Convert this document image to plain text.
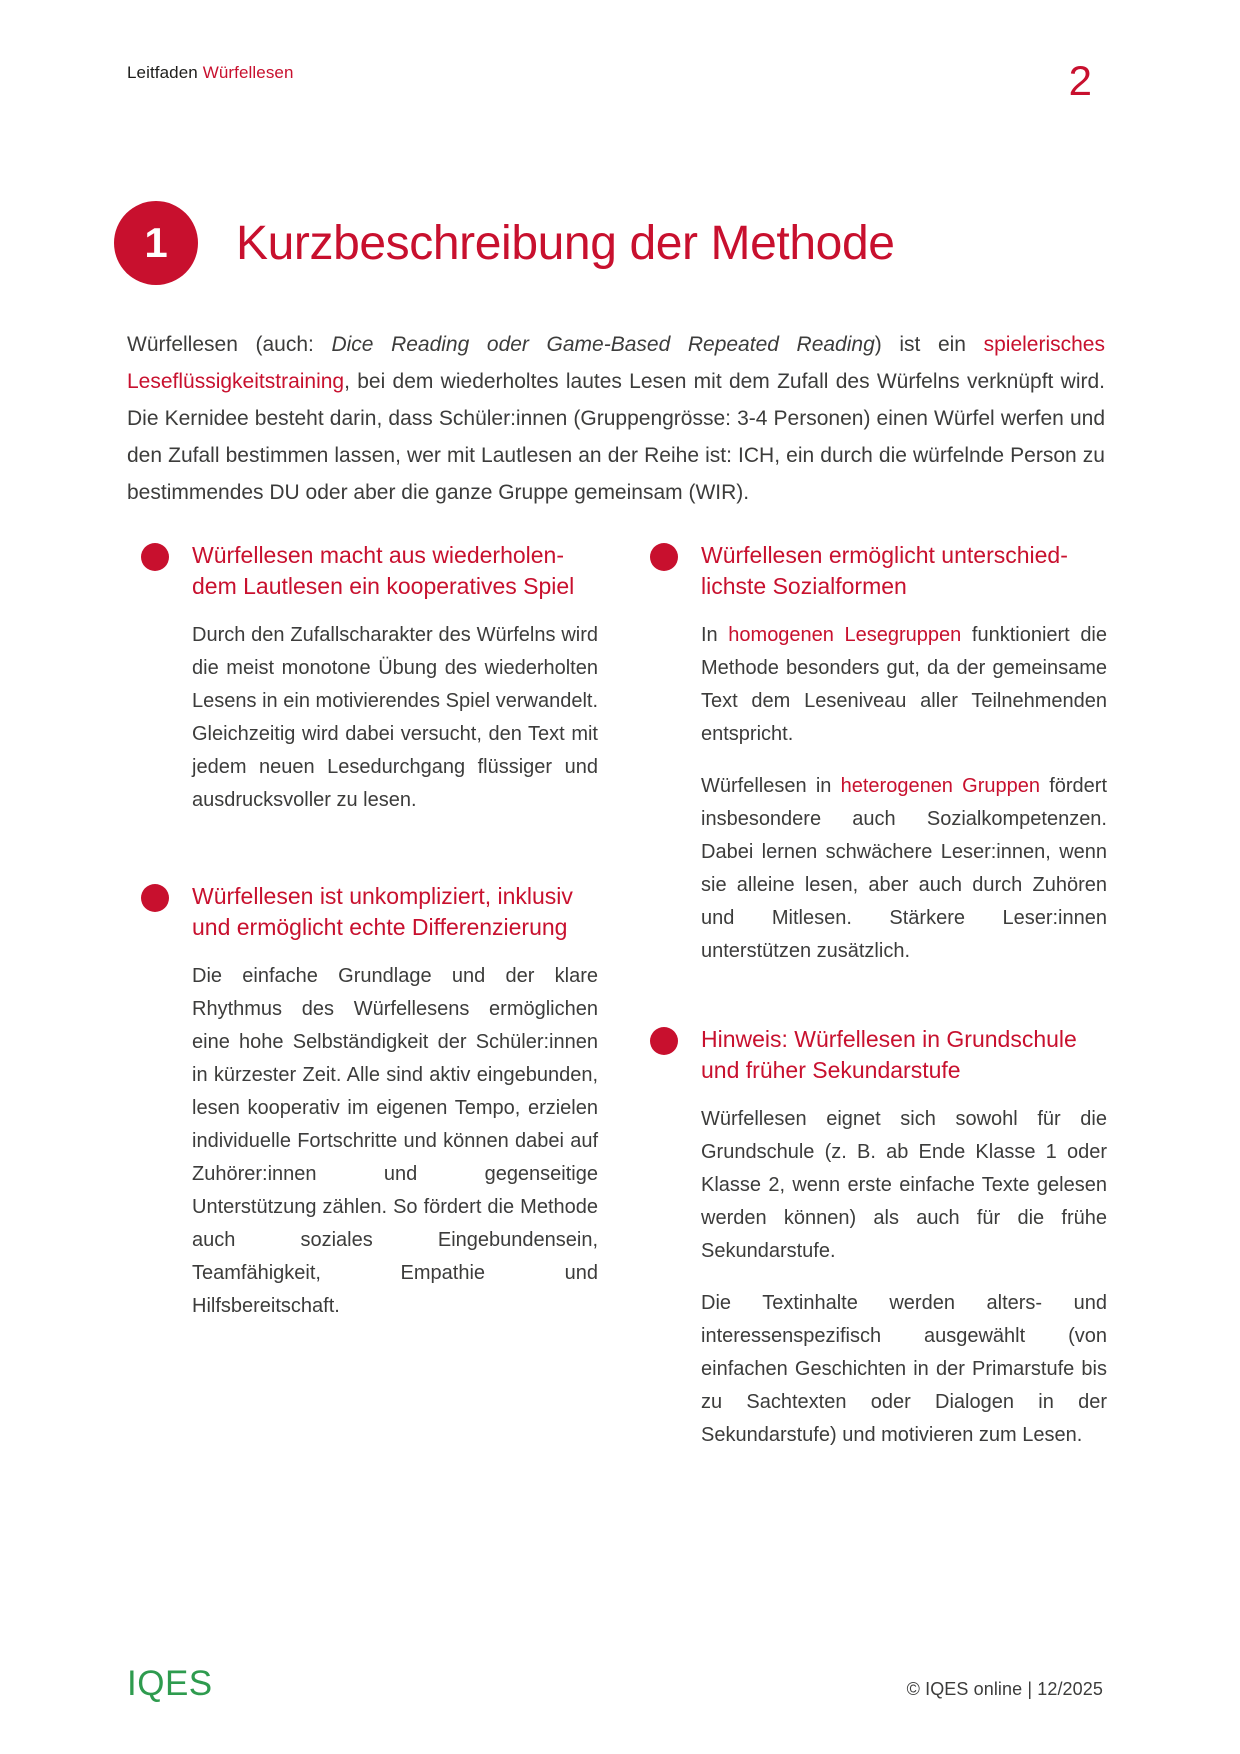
Leitfaden Würfellesen	2
1 Kurzbeschreibung der Methode

Würfellesen (auch: Dice Reading oder Game-Based Repeated Reading) ist ein spielerisches Leseflüssigkeitstraining, bei dem wiederholtes lautes Lesen mit dem Zufall des Würfelns verknüpft wird. Die Kernidee besteht darin, dass Schüler:innen (Gruppengrösse: 3-4 Personen) einen Würfel werfen und den Zufall bestimmen lassen, wer mit Lautlesen an der Reihe ist: ICH, ein durch die würfelnde Person zu bestimmendes DU oder aber die ganze Gruppe gemeinsam (WIR).

Würfellesen macht aus wiederholen-
dem Lautlesen ein kooperatives Spiel

Durch den Zufallscharakter des Würfelns wird die meist monotone Übung des wiederholten Lesens in ein motivierendes Spiel verwandelt. Gleichzeitig wird dabei versucht, den Text mit jedem neuen Lesedurchgang flüssiger und ausdrucksvoller zu lesen.

Würfellesen ist unkompliziert, inklusiv
und ermöglicht echte Differenzierung

Die einfache Grundlage und der klare Rhythmus des Würfellesens ermöglichen eine hohe Selbständigkeit der Schüler:innen in kürzester Zeit. Alle sind aktiv eingebunden, lesen kooperativ im eigenen Tempo, erzielen individuelle Fortschritte und können dabei auf Zuhörer:innen und gegenseitige Unterstützung zählen. So fördert die Methode auch soziales Eingebundensein, Teamfähigkeit, Empathie und Hilfsbereitschaft.

Würfellesen ermöglicht unterschied-
lichste Sozialformen

In homogenen Lesegruppen funktioniert die Methode besonders gut, da der gemeinsame Text dem Leseniveau aller Teilnehmenden entspricht.

Würfellesen in heterogenen Gruppen fördert insbesondere auch Sozialkompetenzen. Dabei lernen schwächere Leser:innen, wenn sie alleine lesen, aber auch durch Zuhören und Mitlesen. Stärkere Leser:innen unterstützen zusätzlich.

Hinweis: Würfellesen in Grundschule
und früher Sekundarstufe

Würfellesen eignet sich sowohl für die Grundschule (z. B. ab Ende Klasse 1 oder Klasse 2, wenn erste einfache Texte gelesen werden können) als auch für die frühe Sekundarstufe.

Die Textinhalte werden alters- und interessenspezifisch ausgewählt (von einfachen Geschichten in der Primarstufe bis zu Sachtexten oder Dialogen in der Sekundarstufe) und motivieren zum Lesen.

IQES	© IQES online | 12/2025
